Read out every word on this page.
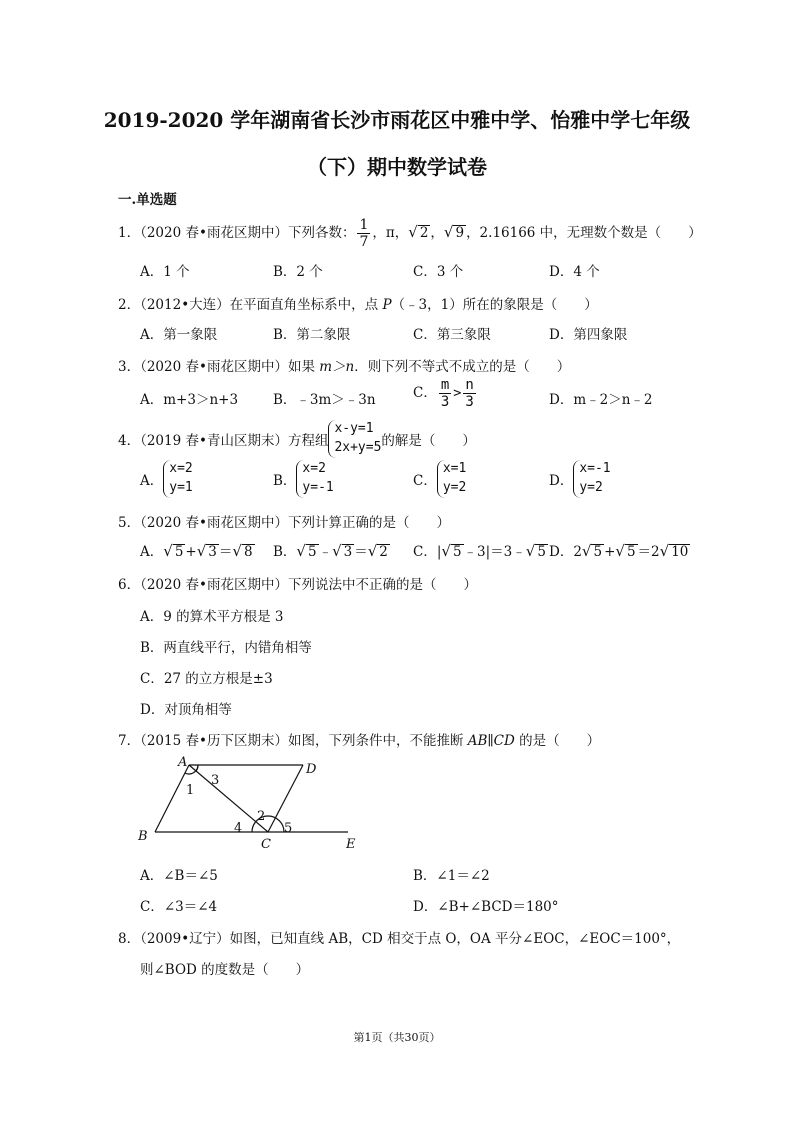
2019-2020 学年湖南省长沙市雨花区中雅中学、怡雅中学七年级
（下）期中数学试卷
一.单选题
1．（2020 春•雨花区期中）下列各数： $\frac{1}{7}$ ，π，√ 2 ，√ 9 ，2.16166 中，无理数个数是（　　）
A．1 个	B．2 个	C．3 个	D．4 个
2．（2012•大连）在平面直角坐标系中，点 P（﹣3，1）所在的象限是（　　）
A．第一象限	B．第二象限	C．第三象限	D．第四象限
3．（2020 春•雨花区期中）如果 m＞n．则下列不等式不成立的是（　　）
A．m+3＞n+3	B．﹣3m＞﹣3n	C． $\frac{m}{3} > \frac{n}{3}$	D．m﹣2＞n﹣2
4．（2019 春•青山区期末）方程组
x-y=1
2x+y=5 的解是（　　）
A．
x=2
y=1	B．
x=2
y=-1	C．
x=1
y=2	D．
x=-1
y=2
5．（2020 春•雨花区期中）下列计算正确的是（　　）
A．√ 5 +√ 3 ＝√ 8 B．√ 5 ﹣√ 3 ＝√ 2 C．|√ 5 ﹣3|＝3﹣√ 5 D．2√ 5 +√ 5 ＝2√ 10
6．（2020 春•雨花区期中）下列说法中不正确的是（　　）
A．9 的算术平方根是 3
B．两直线平行，内错角相等
C．27 的立方根是±3
D．对顶角相等
7．（2015 春•历下区期末）如图，下列条件中，不能推断 AB∥CD 的是（　　）
A	D
B
C	E
1
3
2
4	5
A．∠B＝∠5	B．∠1＝∠2
C．∠3＝∠4	D．∠B+∠BCD＝180°
8．（2009•辽宁）如图，已知直线 AB，CD 相交于点 O，OA 平分∠EOC，∠EOC＝100°，
则∠BOD 的度数是（　　）
第1页（共30页）
